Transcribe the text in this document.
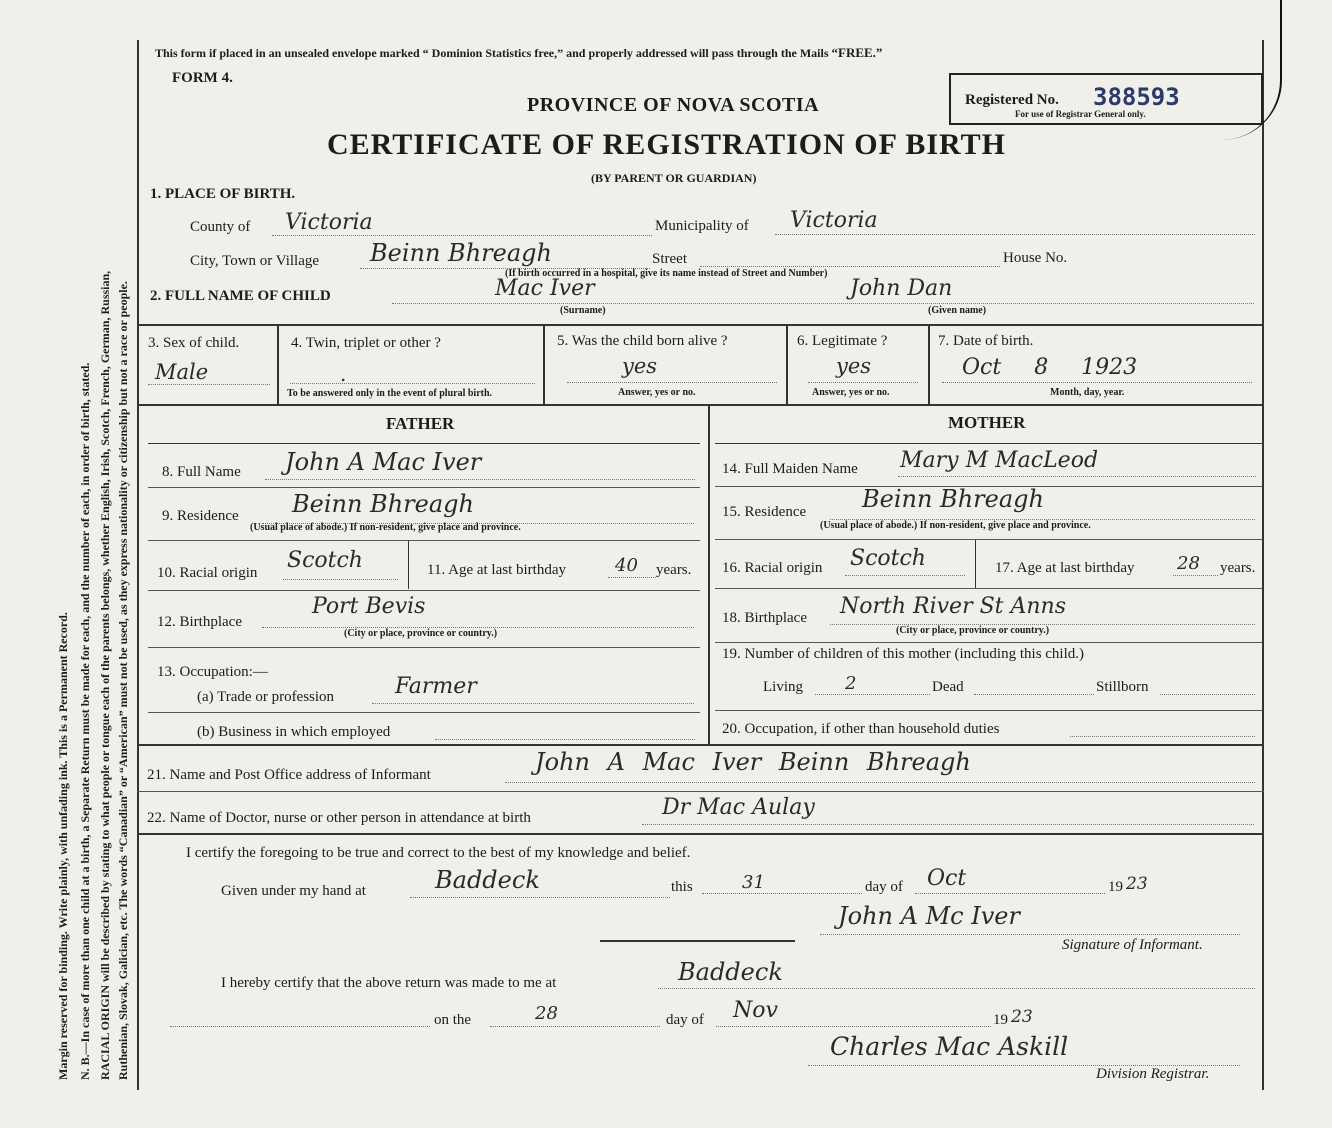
Margin reserved for binding. Write plainly, with unfading ink. This is a Permanent Record. N. B.—In case of more than one child at a birth, a Separate Return must be made for each, and the number of each, in order of birth, stated. RACIAL ORIGIN will be described by stating to what people or tongue each of the parents belongs, whether English, Irish, Scotch, French, German, Russian, Ruthenian, Slovak, Galician, etc. The words “Canadian” or “American” must not be used, as they express nationality or citizenship but not a race or people.
This form if placed in an unsealed envelope marked “ Dominion Statistics free,” and properly addressed will pass through the Mails “FREE.”
FORM 4.
PROVINCE OF NOVA SCOTIA
CERTIFICATE OF REGISTRATION OF BIRTH
(BY PARENT OR GUARDIAN)
Registered No. 388593
For use of Registrar General only.
1. PLACE OF BIRTH.
County of Victoria	Municipality of Victoria
City, Town or Village Beinn Bhreagh	Street	House No.
(If birth occurred in a hospital, give its name instead of Street and Number)
2. FULL NAME OF CHILD	Mac Iver	John Dan
(Surname)	(Given name)
3. Sex of child.
Male
4. Twin, triplet or other ?
.
To be answered only in the event of plural birth.
5. Was the child born alive ?
yes
Answer, yes or no.
6. Legitimate ?
yes
Answer, yes or no.
7. Date of birth.
Oct 8 1923
Month, day, year.
FATHER	MOTHER
8. Full Name John A Mac Iver
9. Residence Beinn Bhreagh
(Usual place of abode.) If non-resident, give place and province.
10. Racial origin Scotch	11. Age at last birthday	40 years.
12. Birthplace
Port Bevis
(City or place, province or country.)
13. Occupation:—
(a) Trade or profession	Farmer
(b) Business in which employed
14. Full Maiden Name Mary M MacLeod
15. Residence Beinn Bhreagh
(Usual place of abode.) If non-resident, give place and province.
16. Racial origin Scotch	17. Age at last birthday 28 years.
18. Birthplace North River St Anns
(City or place, province or country.)
19. Number of children of this mother (including this child.)
Living 2	Dead	Stillborn
20. Occupation, if other than household duties
21. Name and Post Office address of Informant	John A Mac Iver Beinn Bhreagh
22. Name of Doctor, nurse or other person in attendance at birth	Dr Mac Aulay
I certify the foregoing to be true and correct to the best of my knowledge and belief.
Given under my hand at	Baddeck	this	31	day of Oct	19 23
John A Mc Iver
Signature of Informant.
I hereby certify that the above return was made to me at	Baddeck
on the	28	day of Nov	19 23
Charles Mac Askill
Division Registrar.
